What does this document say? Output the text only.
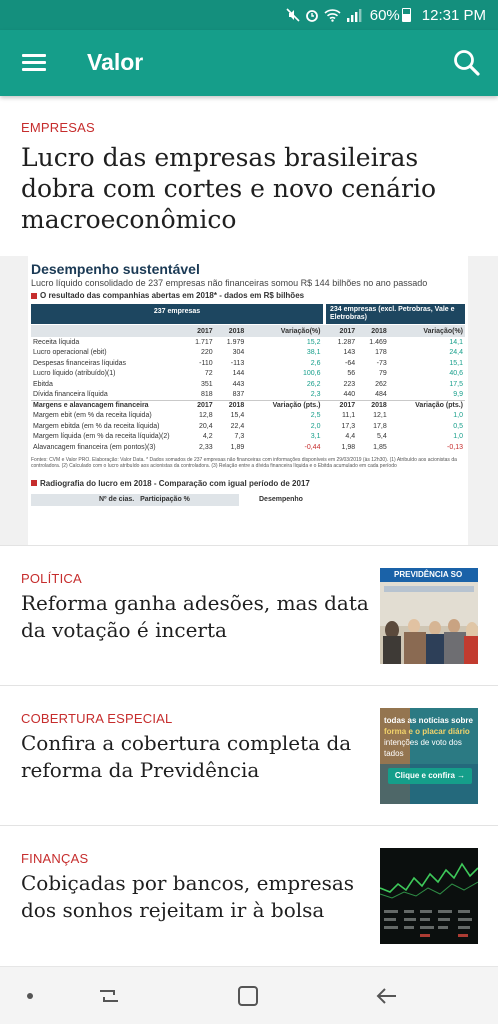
60% 12:31 PM
Valor
EMPRESAS
Lucro das empresas brasileiras dobra com cortes e novo cenário macroeconômico
Desempenho sustentável
Lucro líquido consolidado de 237 empresas não financeiras somou R$ 144 bilhões no ano passado
O resultado das companhias abertas em 2018* - dados em R$ bilhões
237 empresas	234 empresas (excl. Petrobras, Vale e Eletrobras)
	2017	2018	Variação(%)		2017	2018	Variação(%)
Receita líquida	1.717	1.979	15,2		1.287	1.469	14,1
Lucro operacional (ebit)	220	304	38,1		143	178	24,4
Despesas financeiras líquidas	-110	-113	2,6		-64	-73	15,1
Lucro líquido (atribuído)(1)	72	144	100,6		56	79	40,6
Ebitda	351	443	26,2		223	262	17,5
Dívida financeira líquida	818	837	2,3		440	484	9,9
Margens e alavancagem financeira	2017	2018	Variação (pts.)		2017	2018	Variação (pts.)
Margem ebit (em % da receita líquida)	12,8	15,4	2,5		11,1	12,1	1,0
Margem ebitda (em % da receita líquida)	20,4	22,4	2,0		17,3	17,8	0,5
Margem líquida (em % da receita líquida)(2)	4,2	7,3	3,1		4,4	5,4	1,0
Alavancagem financeira (em pontos)(3)	2,33	1,89	-0,44		1,98	1,85	-0,13
Fontes: CVM e Valor PRO. Elaboração: Valor Data. * Dados somados de 237 empresas não financeiras com informações disponíveis em 29/03/2019 (às 12h30). (1) Atribuído aos acionistas da controladora. (2) Calculado com o lucro atribuído aos acionistas da controladora. (3) Relação entre a dívida financeira líquida e o Ebitda acumulado em cada período
Radiografia do lucro em 2018 - Comparação com igual período de 2017
Nº de cias. Participação %	Desempenho
POLÍTICA
Reforma ganha adesões, mas data da votação é incerta
PREVIDÊNCIA SO
COBERTURA ESPECIAL
Confira a cobertura completa da reforma da Previdência
todas as notícias sobre
forma e o placar diário
intenções de voto dos
tados
Clique e confira →
FINANÇAS
Cobiçadas por bancos, empresas dos sonhos rejeitam ir à bolsa
